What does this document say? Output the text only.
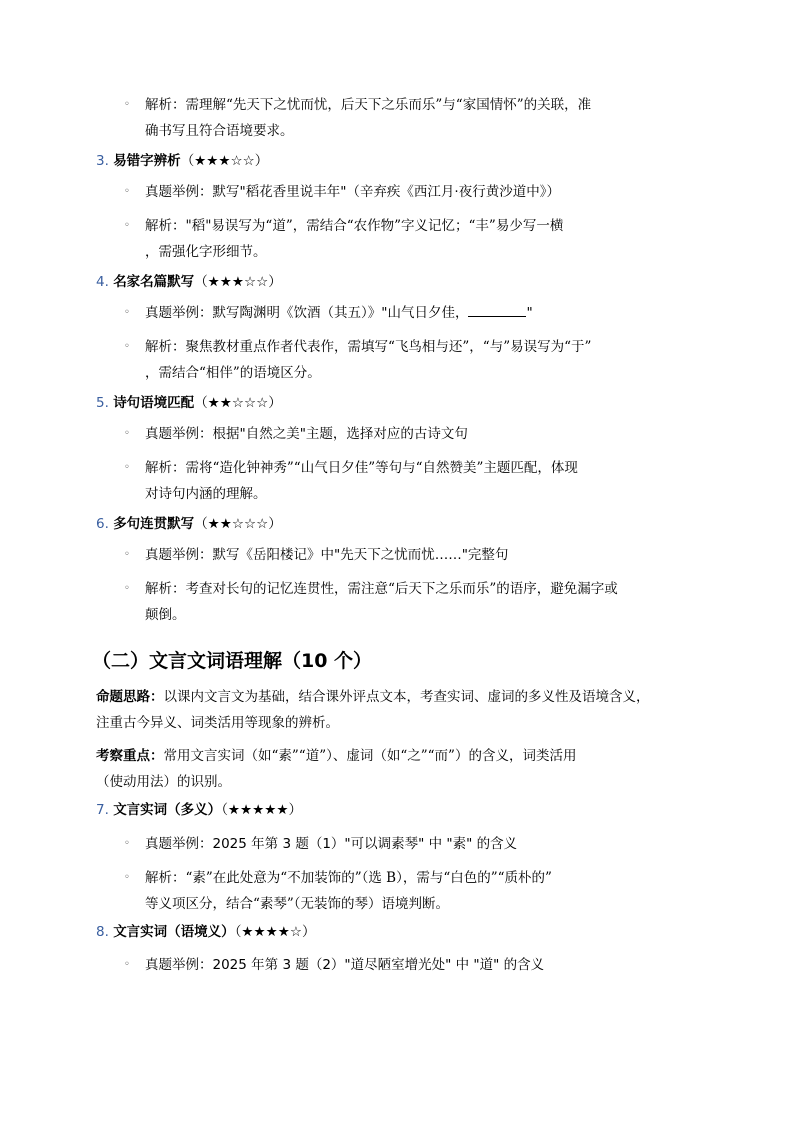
◦ 解析：需理解“先天下之忧而忧，后天下之乐而乐”与“家国情怀”的关联，准
确书写且符合语境要求。
3. 易错字辨析（★★★☆☆）
◦ 真题举例：默写"稻花香里说丰年"（辛弃疾《西江月·夜行黄沙道中》）
◦ 解析："稻"易误写为“道”，需结合“农作物”字义记忆；“丰”易少写一横
，需强化字形细节。
4. 名家名篇默写（★★★☆☆）
◦ 真题举例：默写陶渊明《饮酒（其五）》"山气日夕佳，	"
◦ 解析：聚焦教材重点作者代表作，需填写“飞鸟相与还”，“与”易误写为“于”
，需结合“相伴”的语境区分。
5. 诗句语境匹配（★★☆☆☆）
◦ 真题举例：根据"自然之美"主题，选择对应的古诗文句
◦ 解析：需将“造化钟神秀”“山气日夕佳”等句与“自然赞美”主题匹配，体现
对诗句内涵的理解。
6. 多句连贯默写（★★☆☆☆）
◦ 真题举例：默写《岳阳楼记》中"先天下之忧而忧……"完整句
◦ 解析：考查对长句的记忆连贯性，需注意“后天下之乐而乐”的语序，避免漏字或
颠倒。
（二）文言文词语理解（10 个）
命题思路：以课内文言文为基础，结合课外评点文本，考查实词、虚词的多义性及语境含义，
注重古今异义、词类活用等现象的辨析。
考察重点：常用文言实词（如“素”“道”）、虚词（如“之”“而”）的含义，词类活用
（使动用法）的识别。
7. 文言实词（多义）（★★★★★）
◦ 真题举例：2025 年第 3 题（1）"可以调素琴" 中 "素" 的含义
◦ 解析：“素”在此处意为“不加装饰的”（选 B），需与“白色的”“质朴的”
等义项区分，结合“素琴”（无装饰的琴）语境判断。
8. 文言实词（语境义）（★★★★☆）
◦ 真题举例：2025 年第 3 题（2）"道尽陋室增光处" 中 "道" 的含义
